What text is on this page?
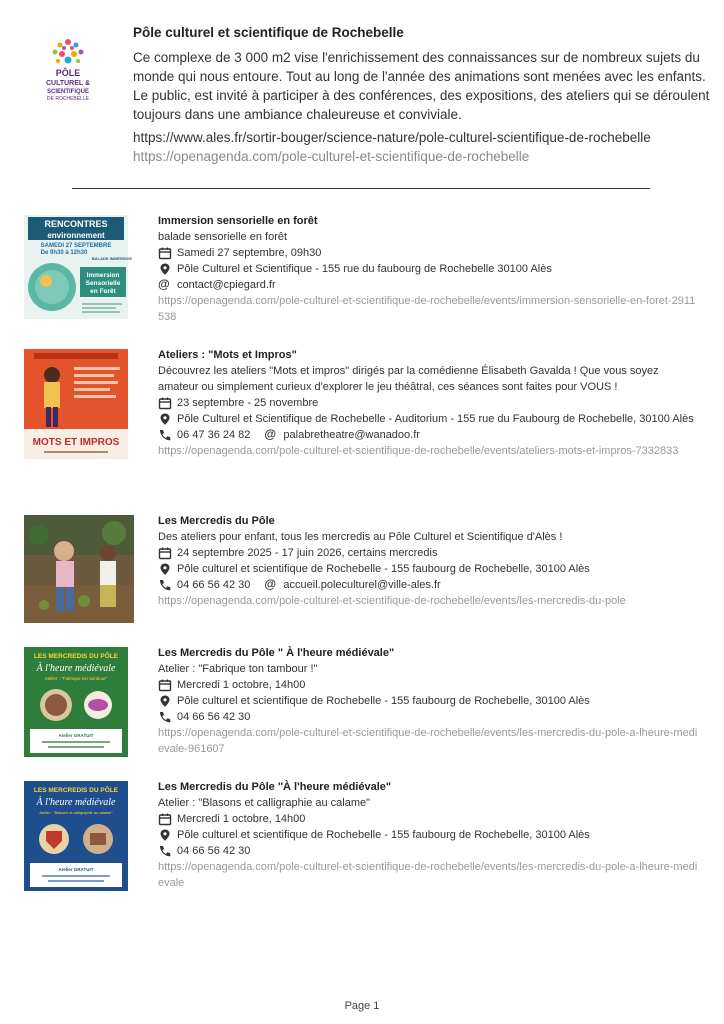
PÔLE
CULTUREL &
SCIENTIFIQUE
DE ROCHEBELLE
Pôle culturel et scientifique de Rochebelle
Ce complexe de 3 000 m2 vise l'enrichissement des connaissances sur de nombreux sujets du monde qui nous entoure. Tout au long de l'année des animations sont menées avec les enfants. Le public, est invité à participer à des conférences, des expositions, des ateliers qui se déroulent toujours dans une ambiance chaleureuse et conviviale.
https://www.ales.fr/sortir-bouger/science-nature/pole-culturel-scientifique-de-rochebelle
https://openagenda.com/pole-culturel-et-scientifique-de-rochebelle
RENCONTRES
environnement
SAMEDI 27 SEPTEMBRE
De 9h30 à 12h30
BALADE IMMERSIVE
Immersion
Sensorielle
en Forêt
Immersion sensorielle en forêt
balade sensorielle en forêt
Samedi 27 septembre, 09h30
Pôle Culturel et Scientifique - 155 rue du faubourg de Rochebelle 30100 Alès
@ contact@cpiegard.fr
https://openagenda.com/pole-culturel-et-scientifique-de-rochebelle/events/immersion-sensorielle-en-foret-2911538
MOTS ET IMPROS
Ateliers : "Mots et Impros"
Découvrez les ateliers "Mots et impros" dirigés par la comédienne Élisabeth Gavalda ! Que vous soyez amateur ou simplement curieux d'explorer le jeu théâtral, ces séances sont faites pour VOUS !
23 septembre - 25 novembre
Pôle Culturel et Scientifique de Rochebelle - Auditorium - 155 rue du Faubourg de Rochebelle, 30100 Alès
06 47 36 24 82 @ palabretheatre@wanadoo.fr
https://openagenda.com/pole-culturel-et-scientifique-de-rochebelle/events/ateliers-mots-et-impros-7332833
Les Mercredis du Pôle
Des ateliers pour enfant, tous les mercredis au Pôle Culturel et Scientifique d'Alès !
24 septembre 2025 - 17 juin 2026, certains mercredis
Pôle culturel et scientifique de Rochebelle - 155 faubourg de Rochebelle, 30100 Alès
04 66 56 42 30 @ accueil.poleculturel@ville-ales.fr
https://openagenda.com/pole-culturel-et-scientifique-de-rochebelle/events/les-mercredis-du-pole
LES MERCREDIS DU PÔLE
À l'heure médiévale
Atelier : "Fabrique ton tambour"
Atelier GRATUIT
Les Mercredis du Pôle " À l'heure médiévale"
Atelier : "Fabrique ton tambour !"
Mercredi 1 octobre, 14h00
Pôle culturel et scientifique de Rochebelle - 155 faubourg de Rochebelle, 30100 Alès
04 66 56 42 30
https://openagenda.com/pole-culturel-et-scientifique-de-rochebelle/events/les-mercredis-du-pole-a-lheure-medievale-961607
LES MERCREDIS DU PÔLE
À l'heure médiévale
Atelier : "Blasons et calligraphie au calame"
Atelier GRATUIT
Les Mercredis du Pôle "À l'heure médiévale"
Atelier : "Blasons et calligraphie au calame"
Mercredi 1 octobre, 14h00
Pôle culturel et scientifique de Rochebelle - 155 faubourg de Rochebelle, 30100 Alès
04 66 56 42 30
https://openagenda.com/pole-culturel-et-scientifique-de-rochebelle/events/les-mercredis-du-pole-a-lheure-medievale
Page 1
